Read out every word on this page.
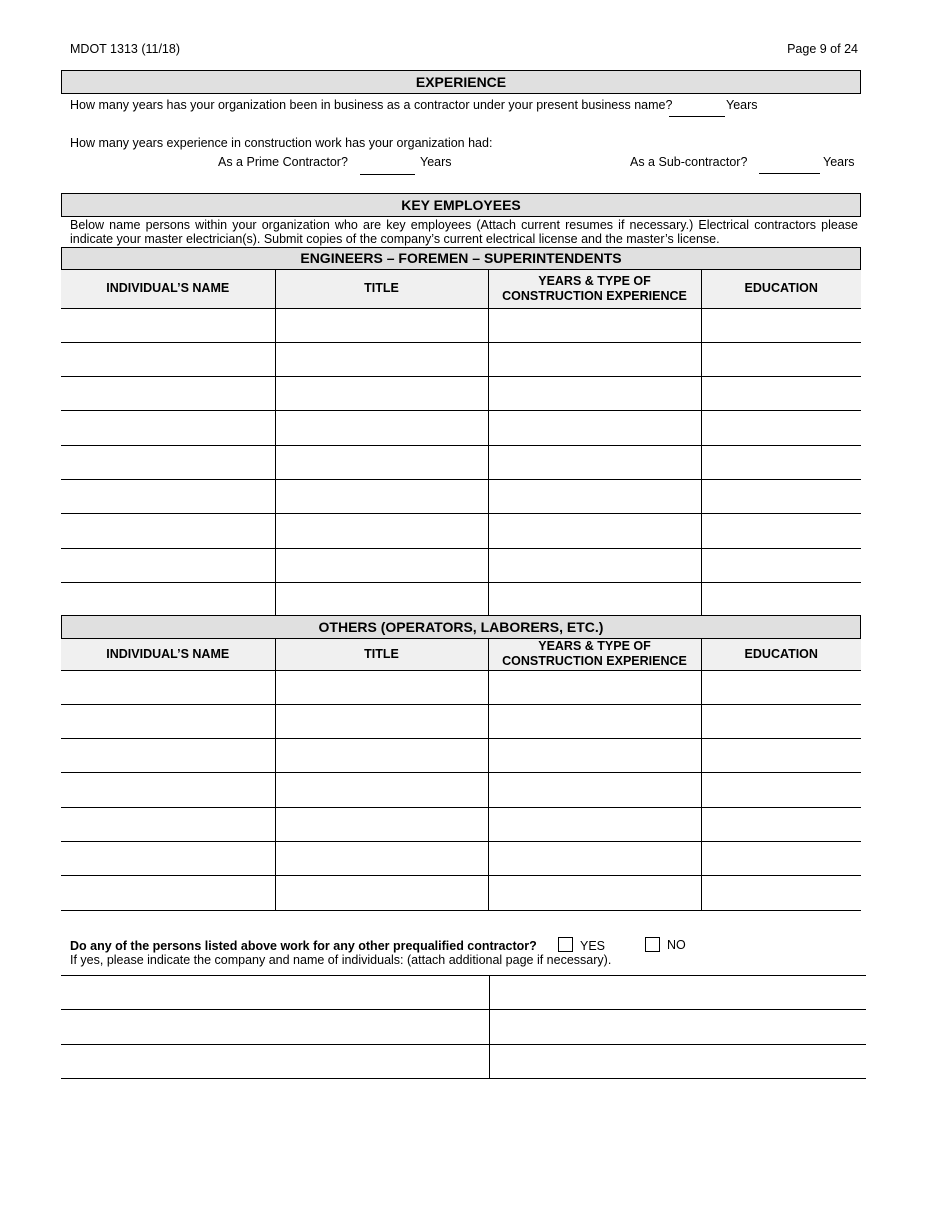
MDOT 1313 (11/18)	Page 9 of 24
EXPERIENCE
How many years has your organization been in business as a contractor under your present business name?	Years
How many years experience in construction work has your organization had:
As a Prime Contractor?	Years	As a Sub-contractor?	Years
KEY EMPLOYEES
Below name persons within your organization who are key employees (Attach current resumes if necessary.) Electrical contractors please indicate your master electrician(s). Submit copies of the company’s current electrical license and the master’s license.
ENGINEERS – FOREMEN – SUPERINTENDENTS
INDIVIDUAL’S NAME	TITLE	YEARS & TYPE OF CONSTRUCTION EXPERIENCE	EDUCATION

OTHERS (OPERATORS, LABORERS, ETC.)
INDIVIDUAL’S NAME	TITLE	YEARS & TYPE OF CONSTRUCTION EXPERIENCE	EDUCATION

Do any of the persons listed above work for any other prequalified contractor?	YES	NO
If yes, please indicate the company and name of individuals: (attach additional page if necessary).
